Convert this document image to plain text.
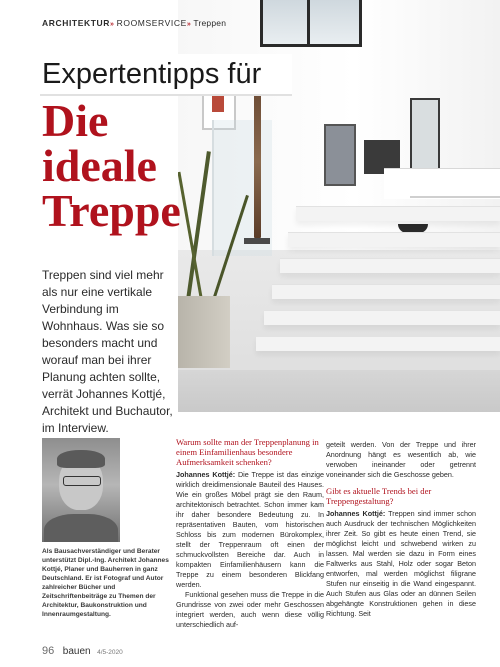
ARCHITEKTUR» ROOMSERVICE» Treppen
Expertentipps für
Die
ideale
Treppe
Treppen sind viel mehr als nur eine vertikale Verbindung im Wohnhaus. Was sie so besonders macht und worauf man bei ihrer Planung achten sollte, verrät Johannes Kottjé, Architekt und Buchautor, im Interview.
Als Bausachverständiger und Berater unterstützt Dipl.-Ing. Architekt Johannes Kottjé, Planer und Bauherren in ganz Deutschland. Er ist Fotograf und Autor zahlreicher Bücher und Zeitschriftenbeiträge zu Themen der Architektur, Baukonstruktion und Innenraumgestaltung.

Warum sollte man der Treppenplanung in einem Einfamilienhaus besondere Aufmerksamkeit schenken?

Johannes Kottjé: Die Treppe ist das einzige wirklich dreidimensionale Bauteil des Hauses. Wie ein großes Möbel prägt sie den Raum, architektonisch betrachtet. Schon immer kam ihr daher besondere Bedeutung zu. In repräsentativen Bauten, vom historischen Schloss bis zum modernen Bürokomplex, stellt der Treppenraum oft einen der schmuckvollsten Bereiche dar. Auch in kompakten Einfamilienhäusern kann die Treppe zu einem besonderen Blickfang werden.

Funktional gesehen muss die Treppe in die Grundrisse von zwei oder mehr Geschossen integriert werden, auch wenn diese völlig unterschiedlich auf-

geteilt werden. Von der Treppe und ihrer Anordnung hängt es wesentlich ab, wie verwoben ineinander oder getrennt voneinander sich die Geschosse geben.

Gibt es aktuelle Trends bei der Treppengestaltung?

Johannes Kottjé: Treppen sind immer schon auch Ausdruck der technischen Möglichkeiten ihrer Zeit. So gibt es heute einen Trend, sie möglichst leicht und schwebend wirken zu lassen. Mal werden sie dazu in Form eines Faltwerks aus Stahl, Holz oder sogar Beton entworfen, mal werden möglichst filigrane Stufen nur einseitig in die Wand eingespannt. Auch Stufen aus Glas oder an dünnen Seilen abgehängte Konstruktionen gehen in diese Richtung. Seit

96 bauen 4/5-2020
